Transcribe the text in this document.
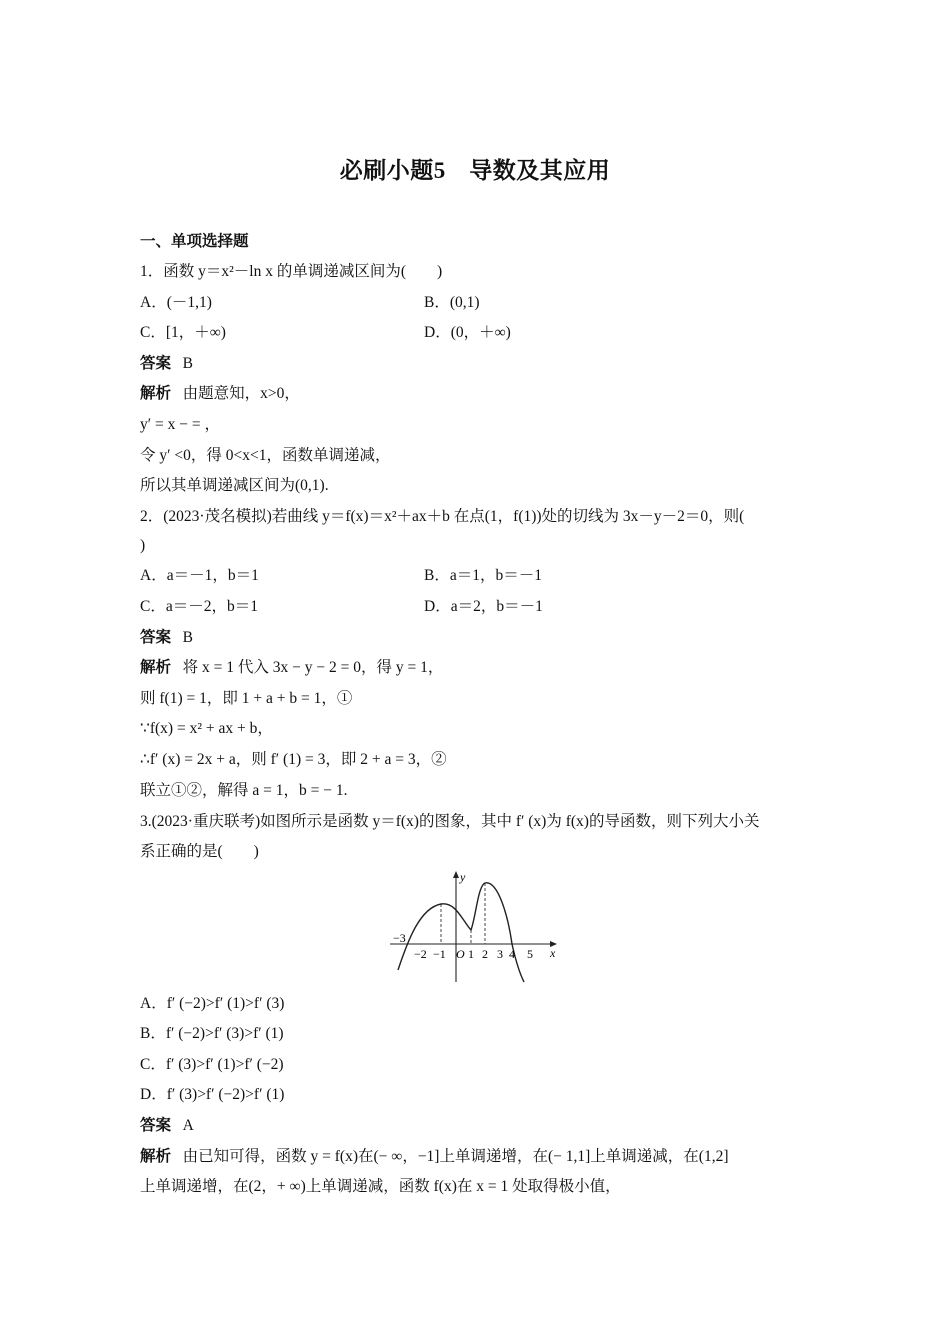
必刷小题5　导数及其应用
一、单项选择题
1．函数 y＝x²－ln x 的单调递减区间为(　　)
A．(－1,1)	B．(0,1)
C．[1，＋∞)	D．(0，＋∞)
答案 B
解析 由题意知，x>0，
y′ = x − = ，
令 y′ <0，得 0<x<1，函数单调递减，
所以其单调递减区间为(0,1).
2．(2023·茂名模拟)若曲线 y＝f(x)＝x²＋ax＋b 在点(1，f(1))处的切线为 3x－y－2＝0，则(
)
A．a＝－1，b＝1	B．a＝1，b＝－1
C．a＝－2，b＝1	D．a＝2，b＝－1
答案 B
解析 将 x = 1 代入 3x − y − 2 = 0，得 y = 1，
则 f(1) = 1，即 1 + a + b = 1，①
∵f(x) = x² + ax + b，
∴f′ (x) = 2x + a，则 f′ (1) = 3，即 2 + a = 3，②
联立①②，解得 a = 1，b = − 1.
3.(2023·重庆联考)如图所示是函数 y＝f(x)的图象，其中 f′ (x)为 f(x)的导函数，则下列大小关
系正确的是(　　)
−3
y
x
O
−2 −1 1 2 3 4 5
A．f′ (−2)>f′ (1)>f′ (3)
B．f′ (−2)>f′ (3)>f′ (1)
C．f′ (3)>f′ (1)>f′ (−2)
D．f′ (3)>f′ (−2)>f′ (1)
答案 A
解析 由已知可得，函数 y = f(x)在(− ∞，−1]上单调递增，在(− 1,1]上单调递减，在(1,2]
上单调递增，在(2，+ ∞)上单调递减，函数 f(x)在 x = 1 处取得极小值，
